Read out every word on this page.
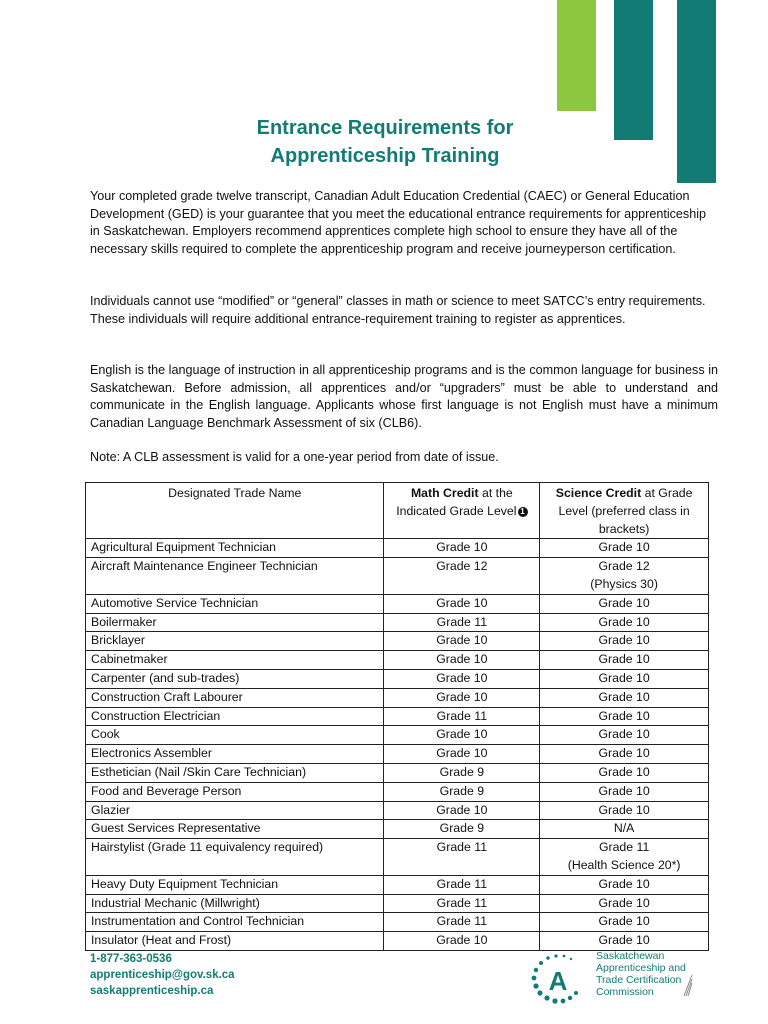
Entrance Requirements for
Apprenticeship Training

Your completed grade twelve transcript, Canadian Adult Education Credential (CAEC) or General Education Development (GED) is your guarantee that you meet the educational entrance requirements for apprenticeship in Saskatchewan. Employers recommend apprentices complete high school to ensure they have all of the necessary skills required to complete the apprenticeship program and receive journeyperson certification.

Individuals cannot use “modified” or “general” classes in math or science to meet SATCC’s entry requirements. These individuals will require additional entrance-requirement training to register as apprentices.

English is the language of instruction in all apprenticeship programs and is the common language for business in Saskatchewan. Before admission, all apprentices and/or “upgraders” must be able to understand and communicate in the English language. Applicants whose first language is not English must have a minimum Canadian Language Benchmark Assessment of six (CLB6).

Note: A CLB assessment is valid for a one-year period from date of issue.

Designated Trade Name	Math Credit at the Indicated Grade Level 1	Science Credit at Grade Level (preferred class in brackets)
Agricultural Equipment Technician	Grade 10	Grade 10

Aircraft Maintenance Engineer Technician	Grade 12	Grade 12
(Physics 30)

Automotive Service Technician	Grade 10	Grade 10

Boilermaker	Grade 11	Grade 10

Bricklayer	Grade 10	Grade 10

Cabinetmaker	Grade 10	Grade 10

Carpenter (and sub-trades)	Grade 10	Grade 10

Construction Craft Labourer	Grade 10	Grade 10

Construction Electrician	Grade 11	Grade 10

Cook	Grade 10	Grade 10

Electronics Assembler	Grade 10	Grade 10

Esthetician (Nail /Skin Care Technician)	Grade 9	Grade 10

Food and Beverage Person	Grade 9	Grade 10

Glazier	Grade 10	Grade 10

Guest Services Representative	Grade 9	N/A

Hairstylist (Grade 11 equivalency required)	Grade 11	Grade 11
(Health Science 20*)

Heavy Duty Equipment Technician	Grade 11	Grade 10

Industrial Mechanic (Millwright)	Grade 11	Grade 10

Instrumentation and Control Technician	Grade 11	Grade 10

Insulator (Heat and Frost)	Grade 10	Grade 10
1-877-363-0536
apprenticeship@gov.sk.ca
saskapprenticeship.ca	A
Saskatchewan
Apprenticeship and
Trade Certification
Commission
